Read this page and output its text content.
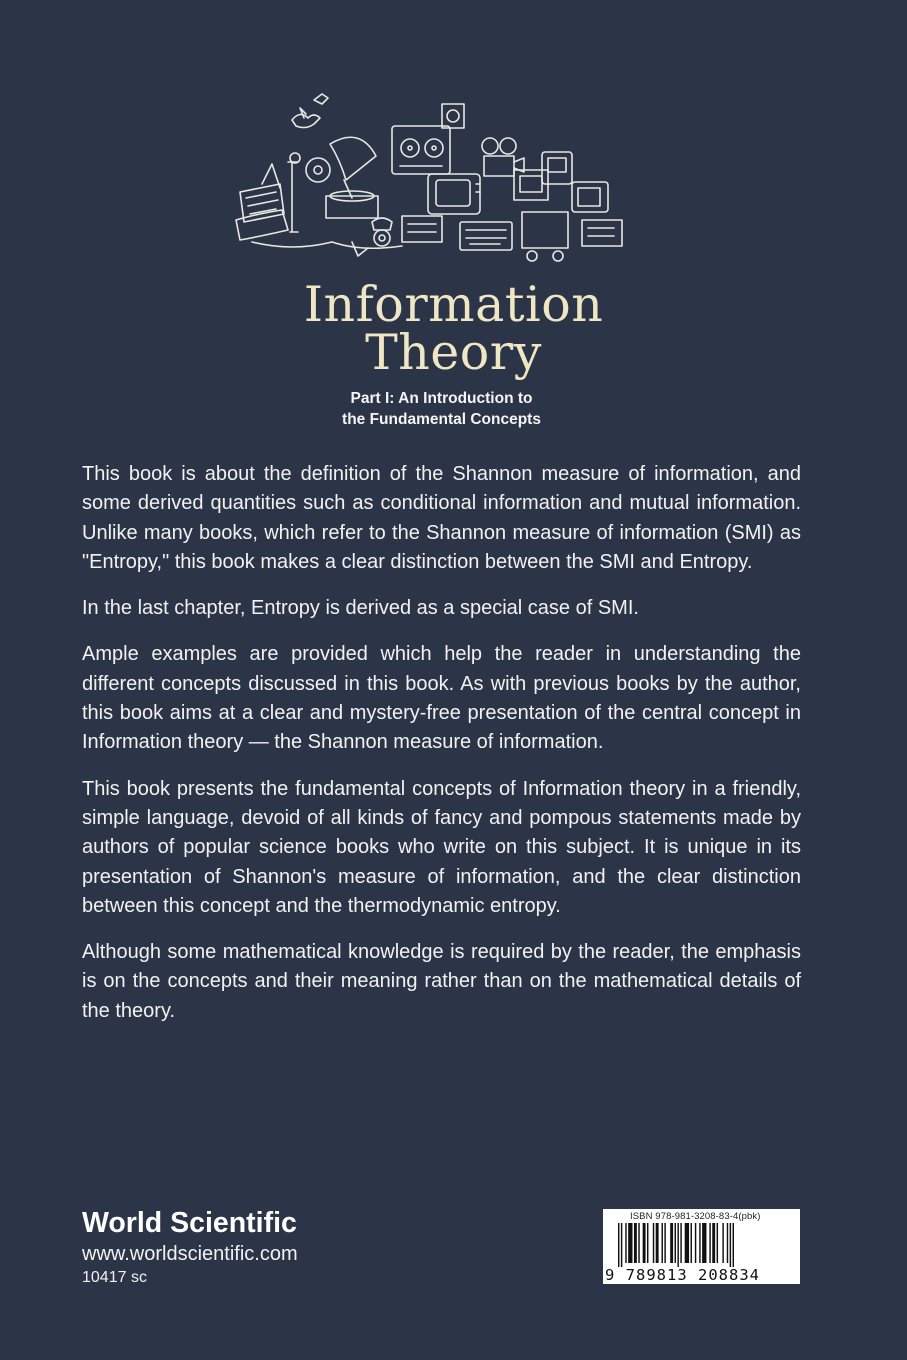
Information
Theory
Part I: An Introduction to
the Fundamental Concepts

This book is about the definition of the Shannon measure of information, and some derived quantities such as conditional information and mutual information. Unlike many books, which refer to the Shannon measure of information (SMI) as "Entropy," this book makes a clear distinction between the SMI and Entropy.

In the last chapter, Entropy is derived as a special case of SMI.

Ample examples are provided which help the reader in understanding the different concepts discussed in this book. As with previous books by the author, this book aims at a clear and mystery-free presentation of the central concept in Information theory — the Shannon measure of information.

This book presents the fundamental concepts of Information theory in a friendly, simple language, devoid of all kinds of fancy and pompous statements made by authors of popular science books who write on this subject. It is unique in its presentation of Shannon's measure of information, and the clear distinction between this concept and the thermodynamic entropy.

Although some mathematical knowledge is required by the reader, the emphasis is on the concepts and their meaning rather than on the mathematical details of the theory.

World Scientific
www.worldscientific.com
10417 sc
ISBN 978-981-3208-83-4(pbk)
9 789813 208834
